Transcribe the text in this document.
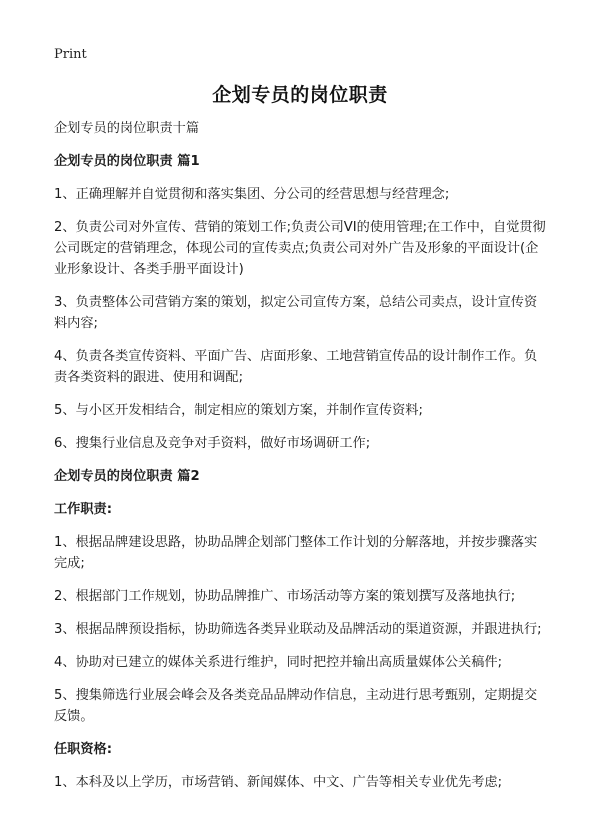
Print
企划专员的岗位职责

企划专员的岗位职责十篇

企划专员的岗位职责 篇1

1、正确理解并自觉贯彻和落实集团、分公司的经营思想与经营理念;

2、负责公司对外宣传、营销的策划工作;负责公司VI的使用管理;在工作中，自觉贯彻公司既定的营销理念，体现公司的宣传卖点;负责公司对外广告及形象的平面设计(企业形象设计、各类手册平面设计)

3、负责整体公司营销方案的策划，拟定公司宣传方案，总结公司卖点，设计宣传资料内容;

4、负责各类宣传资料、平面广告、店面形象、工地营销宣传品的设计制作工作。负责各类资料的跟进、使用和调配;

5、与小区开发相结合，制定相应的策划方案，并制作宣传资料;

6、搜集行业信息及竞争对手资料，做好市场调研工作;

企划专员的岗位职责 篇2

工作职责:

1、根据品牌建设思路，协助品牌企划部门整体工作计划的分解落地，并按步骤落实完成;

2、根据部门工作规划，协助品牌推广、市场活动等方案的策划撰写及落地执行;

3、根据品牌预设指标，协助筛选各类异业联动及品牌活动的渠道资源，并跟进执行;

4、协助对已建立的媒体关系进行维护，同时把控并输出高质量媒体公关稿件;

5、搜集筛选行业展会峰会及各类竞品品牌动作信息，主动进行思考甄别，定期提交反馈。

任职资格:

1、本科及以上学历，市场营销、新闻媒体、中文、广告等相关专业优先考虑;
